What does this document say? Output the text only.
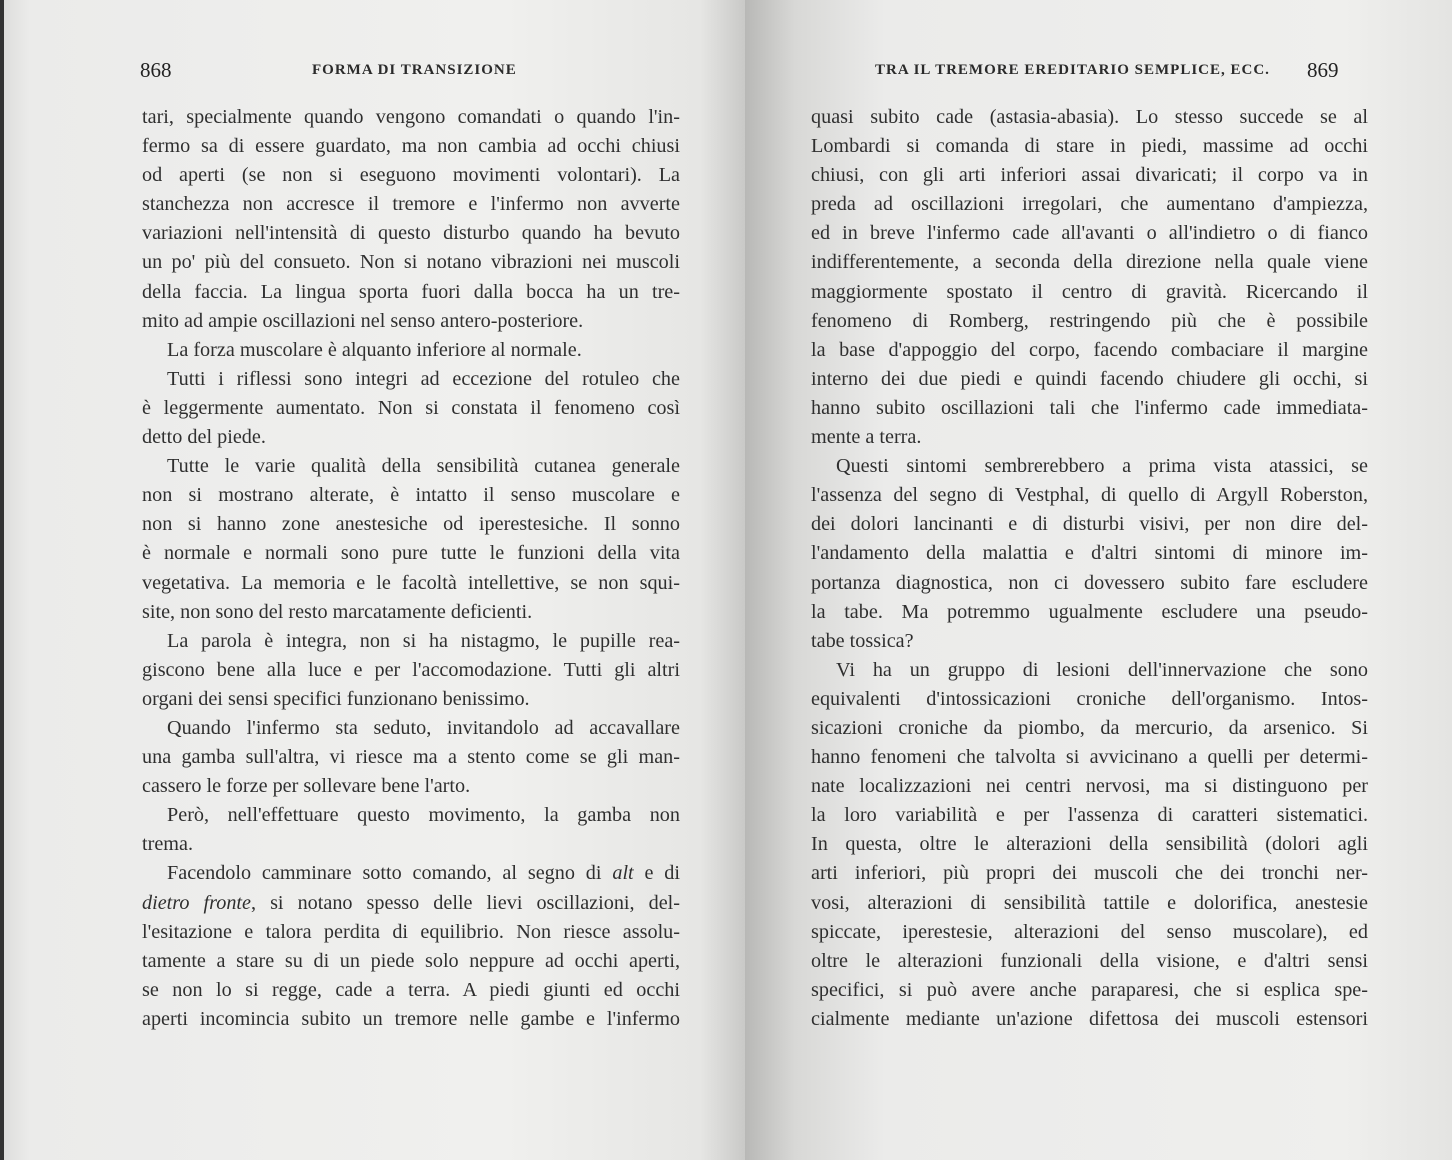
868	FORMA DI TRANSIZIONE
tari, specialmente quando vengono comandati o quando l'in-
fermo sa di essere guardato, ma non cambia ad occhi chiusi
od aperti (se non si eseguono movimenti volontari). La
stanchezza non accresce il tremore e l'infermo non avverte
variazioni nell'intensità di questo disturbo quando ha bevuto
un po' più del consueto. Non si notano vibrazioni nei muscoli
della faccia. La lingua sporta fuori dalla bocca ha un tre-
mito ad ampie oscillazioni nel senso antero-posteriore.
La forza muscolare è alquanto inferiore al normale.
Tutti i riflessi sono integri ad eccezione del rotuleo che
è leggermente aumentato. Non si constata il fenomeno così
detto del piede.
Tutte le varie qualità della sensibilità cutanea generale
non si mostrano alterate, è intatto il senso muscolare e
non si hanno zone anestesiche od iperestesiche. Il sonno
è normale e normali sono pure tutte le funzioni della vita
vegetativa. La memoria e le facoltà intellettive, se non squi-
site, non sono del resto marcatamente deficienti.
La parola è integra, non si ha nistagmo, le pupille rea-
giscono bene alla luce e per l'accomodazione. Tutti gli altri
organi dei sensi specifici funzionano benissimo.
Quando l'infermo sta seduto, invitandolo ad accavallare
una gamba sull'altra, vi riesce ma a stento come se gli man-
cassero le forze per sollevare bene l'arto.
Però, nell'effettuare questo movimento, la gamba non
trema.
Facendolo camminare sotto comando, al segno di alt e di
dietro fronte, si notano spesso delle lievi oscillazioni, del-
l'esitazione e talora perdita di equilibrio. Non riesce assolu-
tamente a stare su di un piede solo neppure ad occhi aperti,
se non lo si regge, cade a terra. A piedi giunti ed occhi
aperti incomincia subito un tremore nelle gambe e l'infermo
TRA IL TREMORE EREDITARIO SEMPLICE, ECC. 869
quasi subito cade (astasia-abasia). Lo stesso succede se al
Lombardi si comanda di stare in piedi, massime ad occhi
chiusi, con gli arti inferiori assai divaricati; il corpo va in
preda ad oscillazioni irregolari, che aumentano d'ampiezza,
ed in breve l'infermo cade all'avanti o all'indietro o di fianco
indifferentemente, a seconda della direzione nella quale viene
maggiormente spostato il centro di gravità. Ricercando il
fenomeno di Romberg, restringendo più che è possibile
la base d'appoggio del corpo, facendo combaciare il margine
interno dei due piedi e quindi facendo chiudere gli occhi, si
hanno subito oscillazioni tali che l'infermo cade immediata-
mente a terra.
Questi sintomi sembrerebbero a prima vista atassici, se
l'assenza del segno di Vestphal, di quello di Argyll Roberston,
dei dolori lancinanti e di disturbi visivi, per non dire del-
l'andamento della malattia e d'altri sintomi di minore im-
portanza diagnostica, non ci dovessero subito fare escludere
la tabe. Ma potremmo ugualmente escludere una pseudo-
tabe tossica?
Vi ha un gruppo di lesioni dell'innervazione che sono
equivalenti d'intossicazioni croniche dell'organismo. Intos-
sicazioni croniche da piombo, da mercurio, da arsenico. Si
hanno fenomeni che talvolta si avvicinano a quelli per determi-
nate localizzazioni nei centri nervosi, ma si distinguono per
la loro variabilità e per l'assenza di caratteri sistematici.
In questa, oltre le alterazioni della sensibilità (dolori agli
arti inferiori, più propri dei muscoli che dei tronchi ner-
vosi, alterazioni di sensibilità tattile e dolorifica, anestesie
spiccate, iperestesie, alterazioni del senso muscolare), ed
oltre le alterazioni funzionali della visione, e d'altri sensi
specifici, si può avere anche paraparesi, che si esplica spe-
cialmente mediante un'azione difettosa dei muscoli estensori
